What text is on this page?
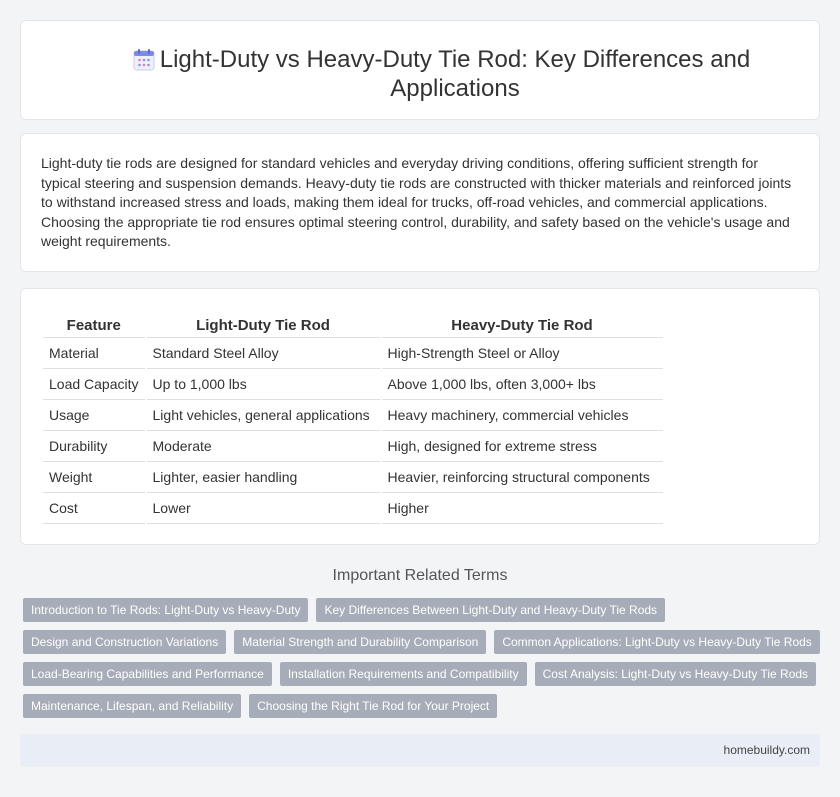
Light-Duty vs Heavy-Duty Tie Rod: Key Differences and Applications

Light-duty tie rods are designed for standard vehicles and everyday driving conditions, offering sufficient strength for typical steering and suspension demands. Heavy-duty tie rods are constructed with thicker materials and reinforced joints to withstand increased stress and loads, making them ideal for trucks, off-road vehicles, and commercial applications. Choosing the appropriate tie rod ensures optimal steering control, durability, and safety based on the vehicle's usage and weight requirements.

Feature	Light-Duty Tie Rod	Heavy-Duty Tie Rod
Material	Standard Steel Alloy	High-Strength Steel or Alloy
Load Capacity	Up to 1,000 lbs	Above 1,000 lbs, often 3,000+ lbs
Usage	Light vehicles, general applications	Heavy machinery, commercial vehicles
Durability	Moderate	High, designed for extreme stress
Weight	Lighter, easier handling	Heavier, reinforcing structural components
Cost	Lower	Higher
Important Related Terms
Introduction to Tie Rods: Light-Duty vs Heavy-Duty	Key Differences Between Light-Duty and Heavy-Duty Tie Rods
Design and Construction Variations	Material Strength and Durability Comparison	Common Applications: Light-Duty vs Heavy-Duty Tie Rods
Load-Bearing Capabilities and Performance	Installation Requirements and Compatibility	Cost Analysis: Light-Duty vs Heavy-Duty Tie Rods
Maintenance, Lifespan, and Reliability	Choosing the Right Tie Rod for Your Project
homebuildy.com
